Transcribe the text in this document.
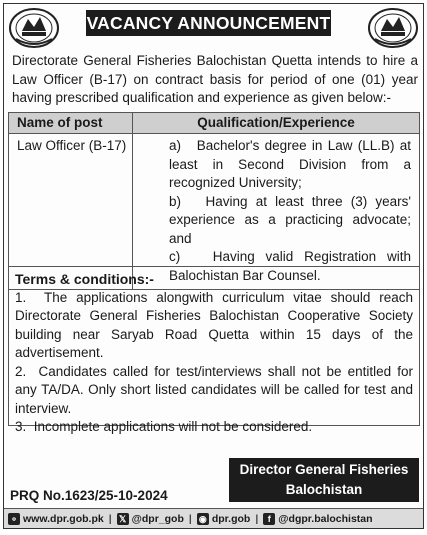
VACANCY ANNOUNCEMENT
Directorate General Fisheries Balochistan Quetta intends to hire a Law Officer (B-17) on contract basis for period of one (01) year having prescribed qualification and experience as given below:-
Name of post	Qualification/Experience
Law Officer (B-17)	a)   Bachelor's degree in Law (LL.B) at least in Second Division from a recognized University;
b)   Having at least three (3) years' experience as a practicing advocate; and
c)   Having valid Registration with Balochistan Bar Counsel.
Terms & conditions:-
1.  The applications alongwith curriculum vitae should reach Directorate General Fisheries Balochistan Cooperative Society building near Saryab Road Quetta within 15 days of the advertisement.
2.  Candidates called for test/interviews shall not be entitled for any TA/DA. Only short listed candidates will be called for test and interview.
3.  Incomplete applications will not be considered.
Director General Fisheries
Balochistan
PRQ No.1623/25-10-2024
⚬ www.dpr.gob.pk | 𝕏 @dpr_gob | ◉ dpr.gob |	f @dgpr.balochistan
